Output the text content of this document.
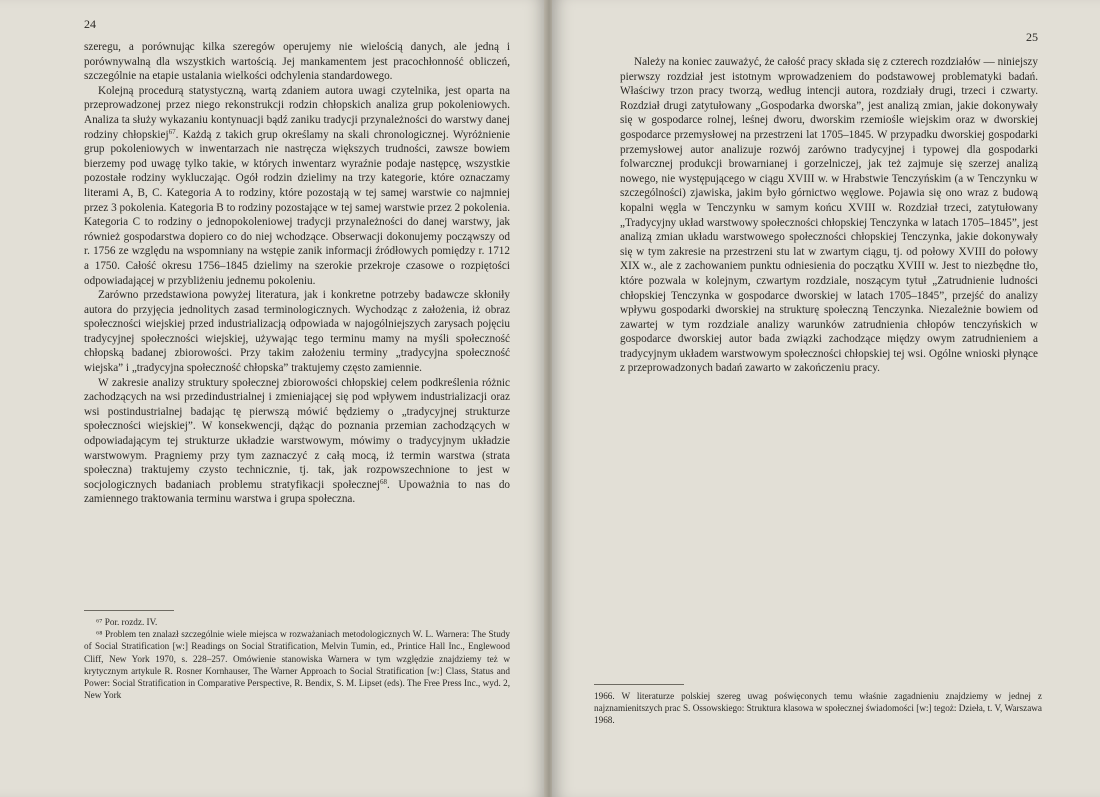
24

szeregu, a porównując kilka szeregów operujemy nie wielością danych, ale jedną i porównywalną dla wszystkich wartością. Jej mankamentem jest pracochłonność obliczeń, szczególnie na etapie ustalania wielkości odchylenia standardowego.

Kolejną procedurą statystyczną, wartą zdaniem autora uwagi czytelnika, jest oparta na przeprowadzonej przez niego rekonstrukcji rodzin chłopskich analiza grup pokoleniowych. Analiza ta służy wykazaniu kontynuacji bądź zaniku tradycji przynależności do warstwy danej rodziny chłopskiej$^{67}$. Każdą z takich grup określamy na skali chronologicznej. Wyróżnienie grup pokoleniowych w inwentarzach nie nastręcza większych trudności, zawsze bowiem bierzemy pod uwagę tylko takie, w których inwentarz wyraźnie podaje następcę, wszystkie pozostałe rodziny wykluczając. Ogół rodzin dzielimy na trzy kategorie, które oznaczamy literami A, B, C. Kategoria A to rodziny, które pozostają w tej samej warstwie co najmniej przez 3 pokolenia. Kategoria B to rodziny pozostające w tej samej warstwie przez 2 pokolenia. Kategoria C to rodziny o jednopokoleniowej tradycji przynależności do danej warstwy, jak również gospodarstwa dopiero co do niej wchodzące. Obserwacji dokonujemy począwszy od r. 1756 ze względu na wspomniany na wstępie zanik informacji źródłowych pomiędzy r. 1712 a 1750. Całość okresu 1756–1845 dzielimy na szerokie przekroje czasowe o rozpiętości odpowiadającej w przybliżeniu jednemu pokoleniu.

Zarówno przedstawiona powyżej literatura, jak i konkretne potrzeby badawcze skłoniły autora do przyjęcia jednolitych zasad terminologicznych. Wychodząc z założenia, iż obraz społeczności wiejskiej przed industrializacją odpowiada w najogólniejszych zarysach pojęciu tradycyjnej społeczności wiejskiej, używając tego terminu mamy na myśli społeczność chłopską badanej zbiorowości. Przy takim założeniu terminy „tradycyjna społeczność wiejska” i „tradycyjna społeczność chłopska” traktujemy często zamiennie.

W zakresie analizy struktury społecznej zbiorowości chłopskiej celem podkreślenia różnic zachodzących na wsi przedindustrialnej i zmieniającej się pod wpływem industrializacji oraz wsi postindustrialnej badając tę pierwszą mówić będziemy o „tradycyjnej strukturze społeczności wiejskiej”. W konsekwencji, dążąc do poznania przemian zachodzących w odpowiadającym tej strukturze układzie warstwowym, mówimy o tradycyjnym układzie warstwowym. Pragniemy przy tym zaznaczyć z całą mocą, iż termin warstwa (strata społeczna) traktujemy czysto technicznie, tj. tak, jak rozpowszechnione to jest w socjologicznych badaniach problemu stratyfikacji społecznej$^{68}$. Upoważnia to nas do zamiennego traktowania terminu warstwa i grupa społeczna.

⁶⁷ Por. rozdz. IV.

⁶⁸ Problem ten znalazł szczególnie wiele miejsca w rozważaniach metodologicznych W. L. Warnera: The Study of Social Stratification [w:] Readings on Social Stratification, Melvin Tumin, ed., Printice Hall Inc., Englewood Cliff, New York 1970, s. 228–257. Omówienie stanowiska Warnera w tym względzie znajdziemy też w krytycznym artykule R. Rosner Kornhauser, The Warner Approach to Social Stratification [w:] Class, Status and Power: Social Stratification in Comparative Perspective, R. Bendix, S. M. Lipset (eds). The Free Press Inc., wyd. 2, New York

25

Należy na koniec zauważyć, że całość pracy składa się z czterech rozdziałów — niniejszy pierwszy rozdział jest istotnym wprowadzeniem do podstawowej problematyki badań. Właściwy trzon pracy tworzą, według intencji autora, rozdziały drugi, trzeci i czwarty. Rozdział drugi zatytułowany „Gospodarka dworska”, jest analizą zmian, jakie dokonywały się w gospodarce rolnej, leśnej dworu, dworskim rzemiośle wiejskim oraz w dworskiej gospodarce przemysłowej na przestrzeni lat 1705–1845. W przypadku dworskiej gospodarki przemysłowej autor analizuje rozwój zarówno tradycyjnej i typowej dla gospodarki folwarcznej produkcji browarnianej i gorzelniczej, jak też zajmuje się szerzej analizą nowego, nie występującego w ciągu XVIII w. w Hrabstwie Tenczyńskim (a w Tenczynku w szczególności) zjawiska, jakim było górnictwo węglowe. Pojawia się ono wraz z budową kopalni węgla w Tenczynku w samym końcu XVIII w. Rozdział trzeci, zatytułowany „Tradycyjny układ warstwowy społeczności chłopskiej Tenczynka w latach 1705–1845”, jest analizą zmian układu warstwowego społeczności chłopskiej Tenczynka, jakie dokonywały się w tym zakresie na przestrzeni stu lat w zwartym ciągu, tj. od połowy XVIII do połowy XIX w., ale z zachowaniem punktu odniesienia do początku XVIII w. Jest to niezbędne tło, które pozwala w kolejnym, czwartym rozdziale, noszącym tytuł „Zatrudnienie ludności chłopskiej Tenczynka w gospodarce dworskiej w latach 1705–1845”, przejść do analizy wpływu gospodarki dworskiej na strukturę społeczną Tenczynka. Niezależnie bowiem od zawartej w tym rozdziale analizy warunków zatrudnienia chłopów tenczyńskich w gospodarce dworskiej autor bada związki zachodzące między owym zatrudnieniem a tradycyjnym układem warstwowym społeczności chłopskiej tej wsi. Ogólne wnioski płynące z przeprowadzonych badań zawarto w zakończeniu pracy.

1966. W literaturze polskiej szereg uwag poświęconych temu właśnie zagadnieniu znajdziemy w jednej z najznamienitszych prac S. Ossowskiego: Struktura klasowa w społecznej świadomości [w:] tegoż: Dzieła, t. V, Warszawa 1968.
